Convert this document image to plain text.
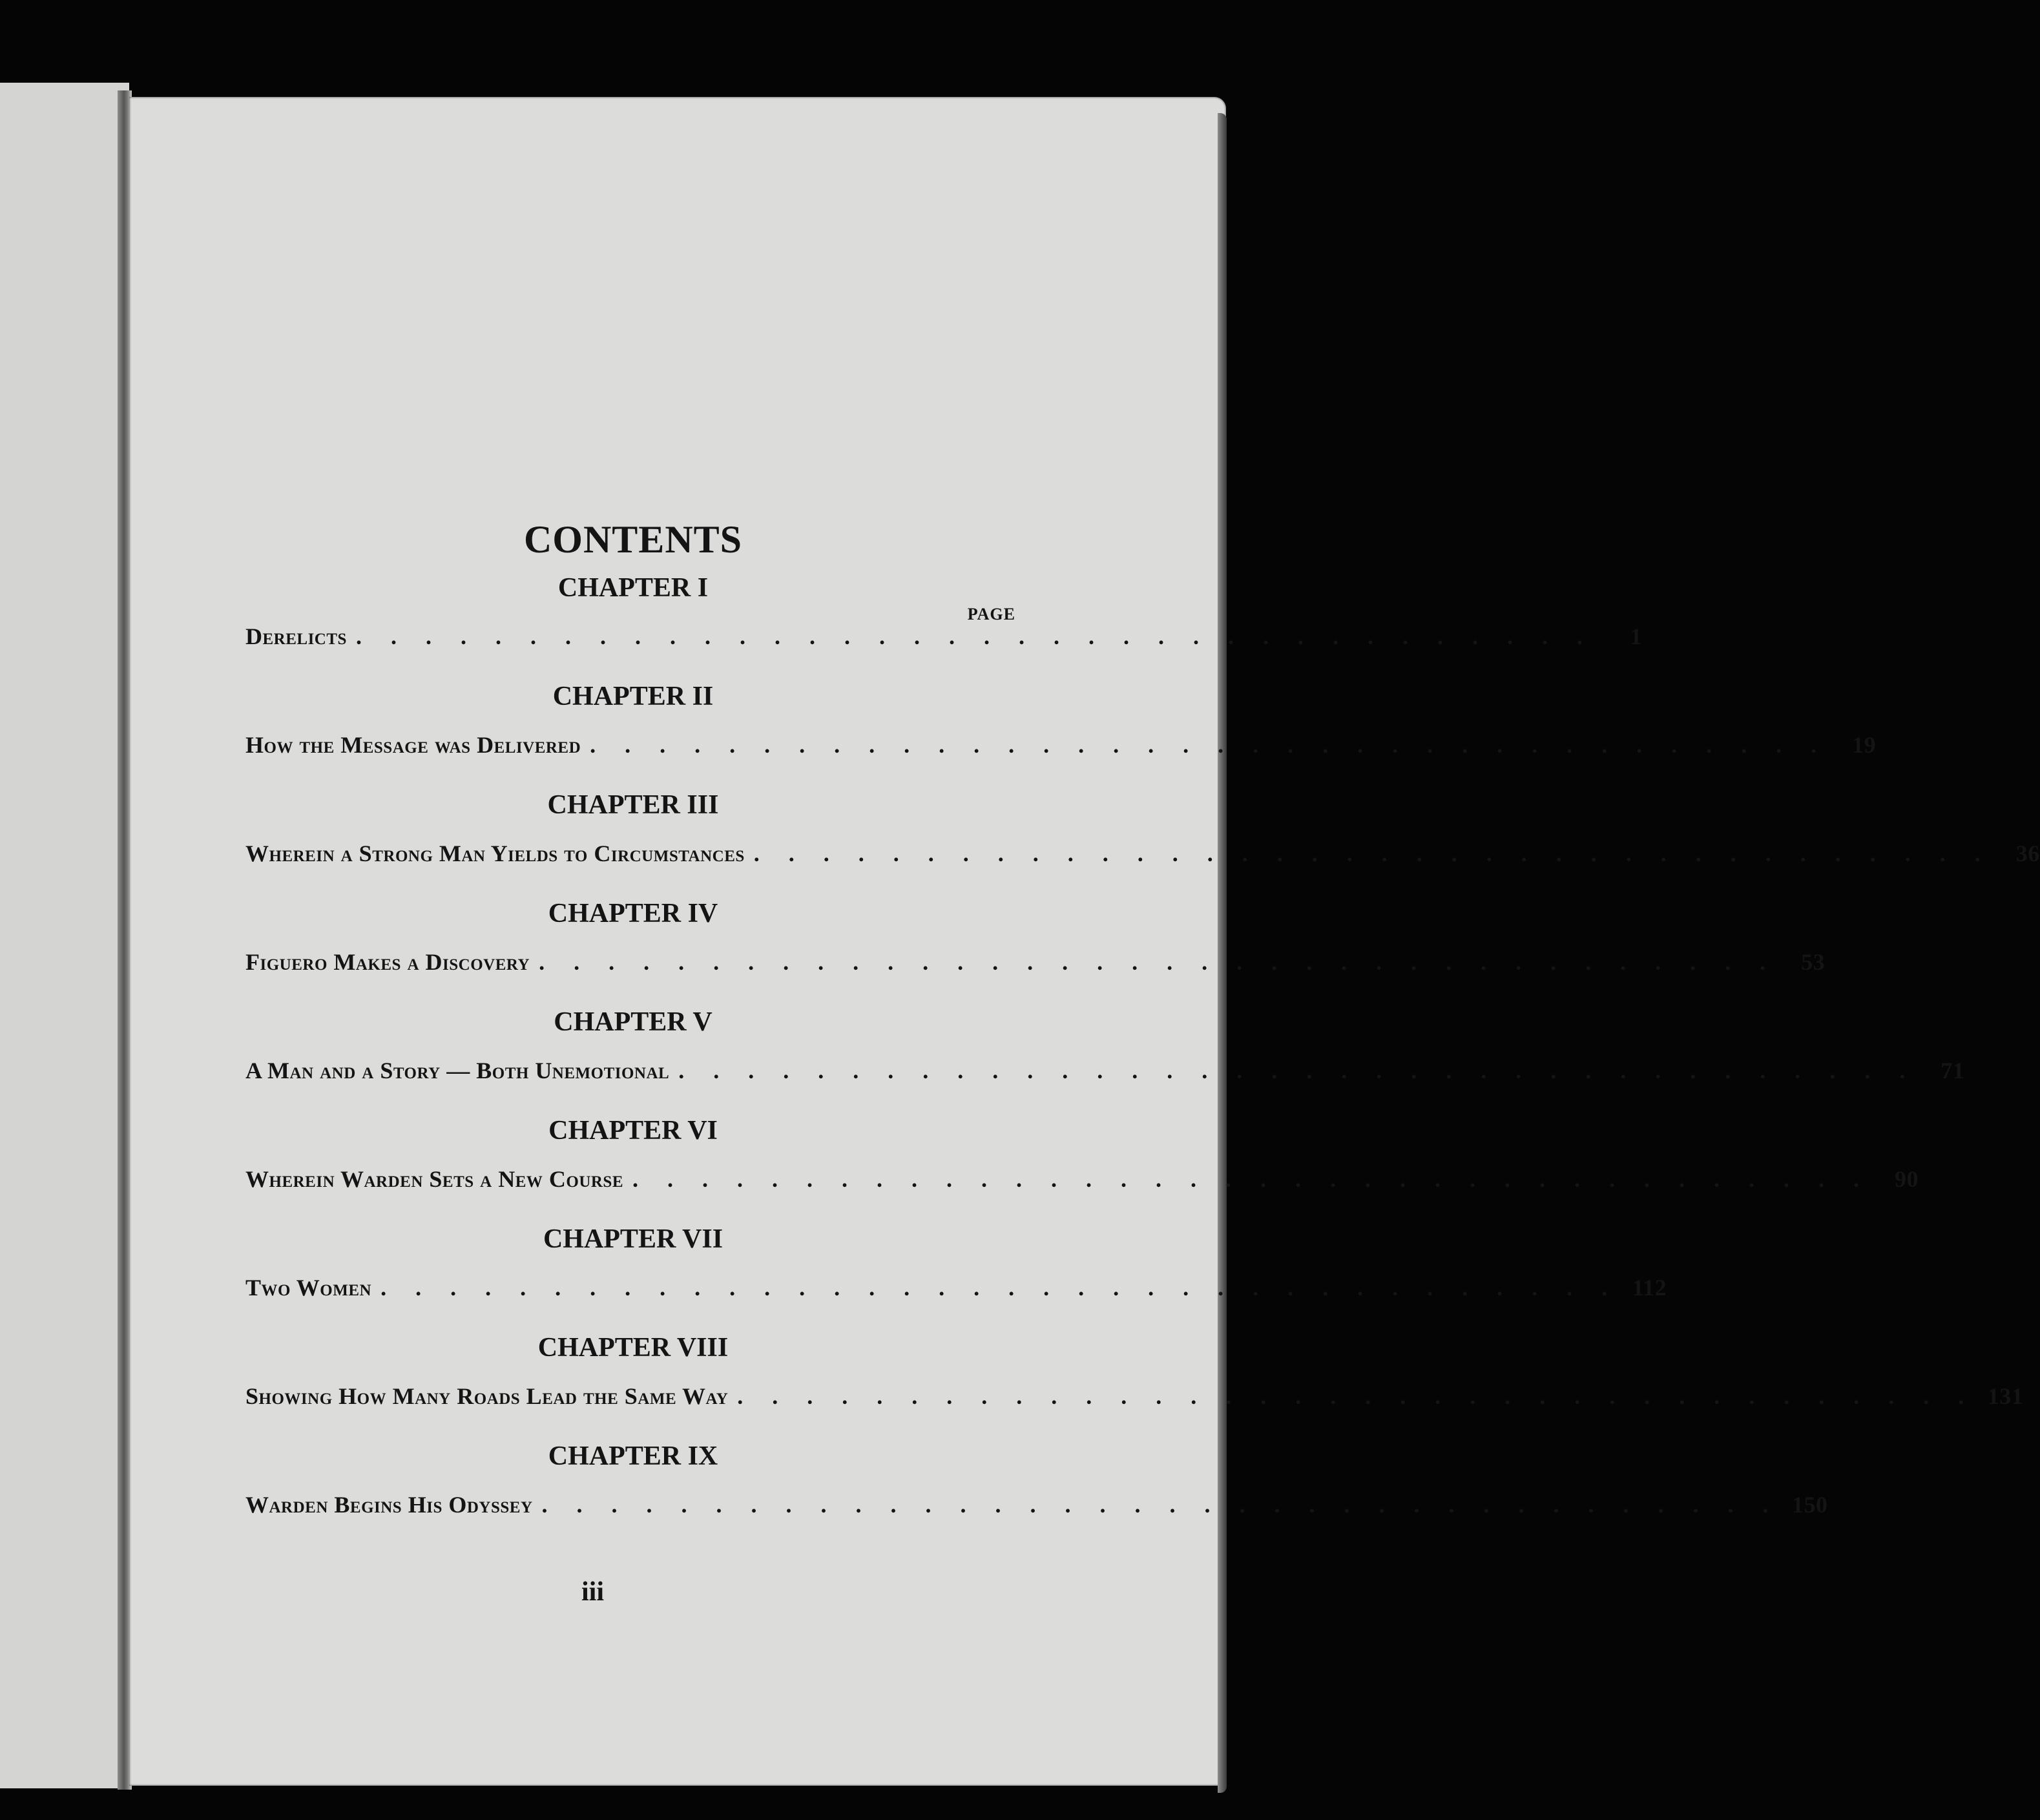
CONTENTS
CHAPTER I
PAGE
Derelicts . . . . . . . . . . . . . . . . . . . . . . . . . . . . . . . . . . . .	1
CHAPTER II
How the Message was Delivered . . . . . . . . . . . . . . . . . . . . . . . . . . . . . . . . . . . .	19
CHAPTER III
Wherein a Strong Man Yields to Circumstances . . . . . . . . . . . . . . . . . . . . . . . . . . . . . . . . . . . .	36
CHAPTER IV
Figuero Makes a Discovery . . . . . . . . . . . . . . . . . . . . . . . . . . . . . . . . . . . .	53
CHAPTER V
A Man and a Story — Both Unemotional . . . . . . . . . . . . . . . . . . . . . . . . . . . . . . . . . . . .	71
CHAPTER VI
Wherein Warden Sets a New Course . . . . . . . . . . . . . . . . . . . . . . . . . . . . . . . . . . . .	90
CHAPTER VII
Two Women . . . . . . . . . . . . . . . . . . . . . . . . . . . . . . . . . . . . 112
CHAPTER VIII
Showing How Many Roads Lead the Same Way . . . . . . . . . . . . . . . . . . . . . . . . . . . . . . . . . . . . 131
CHAPTER IX
Warden Begins His Odyssey . . . . . . . . . . . . . . . . . . . . . . . . . . . . . . . . . . . . 150
iii
